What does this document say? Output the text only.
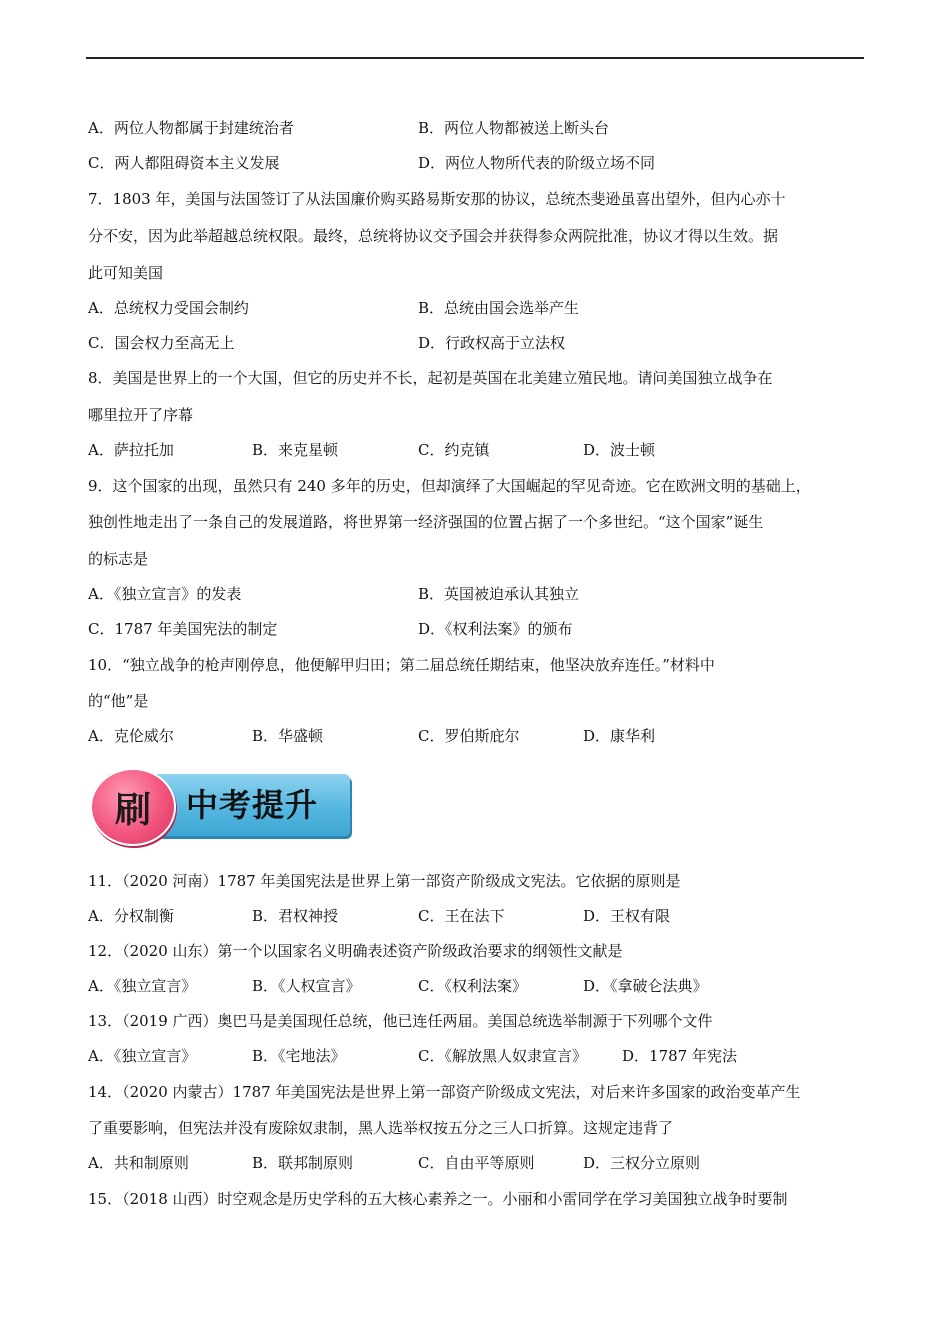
A．两位人物都属于封建统治者	B．两位人物都被送上断头台
C．两人都阻碍资本主义发展	D．两位人物所代表的阶级立场不同
7．1803 年，美国与法国签订了从法国廉价购买路易斯安那的协议，总统杰斐逊虽喜出望外，但内心亦十
分不安，因为此举超越总统权限。最终，总统将协议交予国会并获得参众两院批准，协议才得以生效。据
此可知美国
A．总统权力受国会制约	B．总统由国会选举产生
C．国会权力至高无上	D．行政权高于立法权
8．美国是世界上的一个大国，但它的历史并不长，起初是英国在北美建立殖民地。请问美国独立战争在
哪里拉开了序幕
A．萨拉托加	B．来克星顿	C．约克镇	D．波士顿
9．这个国家的出现，虽然只有 240 多年的历史，但却演绎了大国崛起的罕见奇迹。它在欧洲文明的基础上，
独创性地走出了一条自己的发展道路，将世界第一经济强国的位置占据了一个多世纪。“这个国家”诞生
的标志是
A．《独立宣言》的发表	B．英国被迫承认其独立
C．1787 年美国宪法的制定	D．《权利法案》的颁布
10．“独立战争的枪声刚停息，他便解甲归田；第二届总统任期结束，他坚决放弃连任。”材料中
的“他”是
A．克伦威尔	B．华盛顿	C．罗伯斯庇尔	D．康华利
刷	中考提升
11．（2020 河南）1787 年美国宪法是世界上第一部资产阶级成文宪法。它依据的原则是
A．分权制衡	B．君权神授	C．王在法下	D．王权有限
12．（2020 山东）第一个以国家名义明确表述资产阶级政治要求的纲领性文献是
A．《独立宣言》	B．《人权宣言》	C．《权利法案》	D．《拿破仑法典》
13．（2019 广西）奥巴马是美国现任总统，他已连任两届。美国总统选举制源于下列哪个文件
A．《独立宣言》	B．《宅地法》	C．《解放黑人奴隶宣言》 D．1787 年宪法
14．（2020 内蒙古）1787 年美国宪法是世界上第一部资产阶级成文宪法，对后来许多国家的政治变革产生
了重要影响，但宪法并没有废除奴隶制，黑人选举权按五分之三人口折算。这规定违背了
A．共和制原则	B．联邦制原则	C．自由平等原则	D．三权分立原则
15．（2018 山西）时空观念是历史学科的五大核心素养之一。小丽和小雷同学在学习美国独立战争时要制
